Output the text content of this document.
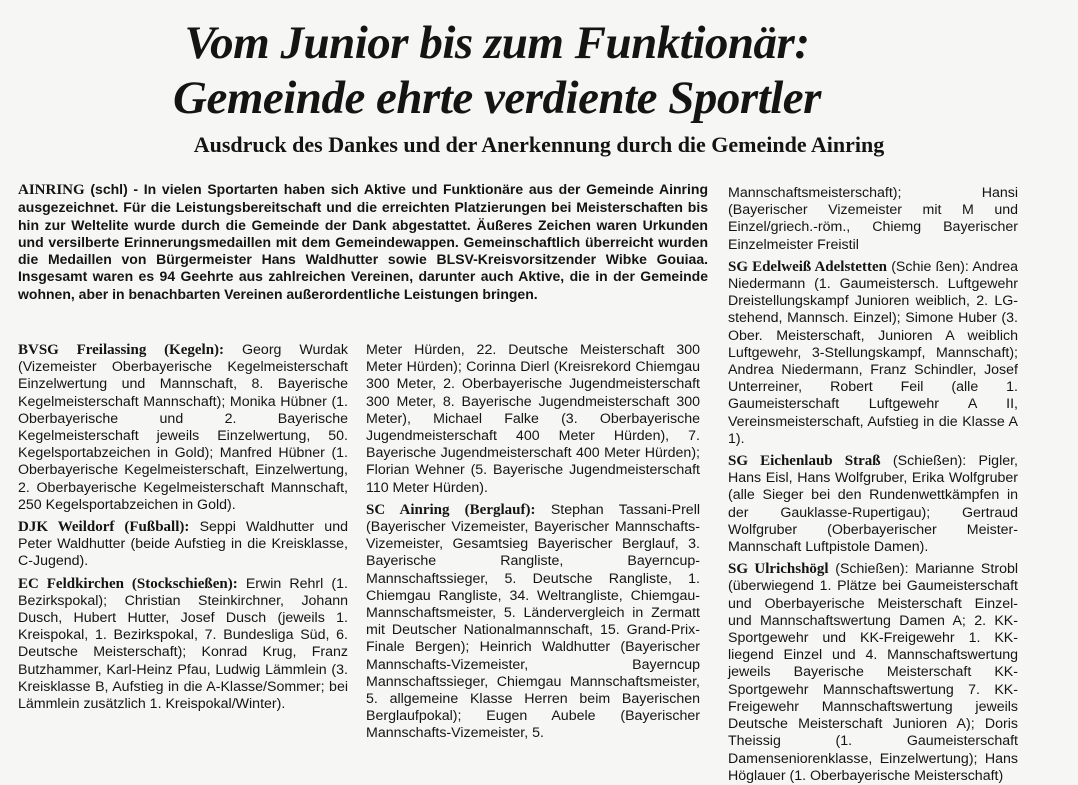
Vom Junior bis zum Funktionär:
Gemeinde ehrte verdiente Sportler
Ausdruck des Dankes und der Anerkennung durch die Gemeinde Ainring
AINRING (schl) - In vielen Sportarten haben sich Aktive und Funktionäre aus der Gemeinde Ainring ausgezeichnet. Für die Leistungsbereitschaft und die erreichten Platzierungen bei Meisterschaften bis hin zur Weltelite wurde durch die Gemeinde der Dank abgestattet. Äußeres Zeichen waren Urkunden und versilberte Erinnerungsmedaillen mit dem Gemeindewappen. Gemeinschaftlich überreicht wurden die Medaillen von Bürgermeister Hans Waldhutter sowie BLSV-Kreisvorsitzender Wibke Gouiaa. Insgesamt waren es 94 Geehrte aus zahlreichen Vereinen, darunter auch Aktive, die in der Gemeinde wohnen, aber in benachbarten Vereinen außerordentliche Leistungen bringen.

BVSG Freilassing (Kegeln): Georg Wurdak (Vizemeister Oberbayerische Kegelmeisterschaft Einzelwertung und Mannschaft, 8. Bayerische Kegelmeisterschaft Mannschaft); Monika Hübner (1. Oberbayerische und 2. Bayerische Kegelmeisterschaft jeweils Einzelwertung, 50. Kegelsportabzeichen in Gold); Manfred Hübner (1. Oberbayerische Kegelmeisterschaft, Einzelwertung, 2. Oberbayerische Kegelmeisterschaft Mannschaft, 250 Kegelsportabzeichen in Gold).

DJK Weildorf (Fußball): Seppi Waldhutter und Peter Waldhutter (beide Aufstieg in die Kreisklasse, C-Jugend).

EC Feldkirchen (Stockschießen): Erwin Rehrl (1. Bezirkspokal); Christian Steinkirchner, Johann Dusch, Hubert Hutter, Josef Dusch (jeweils 1. Kreispokal, 1. Bezirkspokal, 7. Bundesliga Süd, 6. Deutsche Meisterschaft); Konrad Krug, Franz Butzhammer, Karl-Heinz Pfau, Ludwig Lämmlein (3. Kreisklasse B, Aufstieg in die A-Klasse/Sommer; bei Lämmlein zusätzlich 1. Kreispokal/Winter).

Meter Hürden, 22. Deutsche Meisterschaft 300 Meter Hürden); Corinna Dierl (Kreisrekord Chiemgau 300 Meter, 2. Oberbayerische Jugendmeisterschaft 300 Meter, 8. Bayerische Jugendmeisterschaft 300 Meter), Michael Falke (3. Oberbayerische Jugendmeisterschaft 400 Meter Hürden), 7. Bayerische Jugendmeisterschaft 400 Meter Hürden); Florian Wehner (5. Bayerische Jugendmeisterschaft 110 Meter Hürden).

SC Ainring (Berglauf): Stephan Tassani-Prell (Bayerischer Vizemeister, Bayerischer Mannschafts-Vizemeister, Gesamtsieg Bayerischer Berglauf, 3. Bayerische Rangliste, Bayerncup-Mannschaftssieger, 5. Deutsche Rangliste, 1. Chiemgau Rangliste, 34. Weltrangliste, Chiemgau-Mannschaftsmeister, 5. Ländervergleich in Zermatt mit Deutscher Nationalmannschaft, 15. Grand-Prix-Finale Bergen); Heinrich Waldhutter (Bayerischer Mannschafts-Vizemeister, Bayerncup Mannschaftssieger, Chiemgau Mannschaftsmeister, 5. allgemeine Klasse Herren beim Bayerischen Berglaufpokal); Eugen Aubele (Bayerischer Mannschafts-Vizemeister, 5.

Mannschaftsmeisterschaft); Hansi (Bayerischer Vizemeister mit M und Einzel/griech.-röm., Chiemg Bayerischer Einzelmeister Freistil

SG Edelweiß Adelstetten (Schie ßen): Andrea Niedermann (1. Gaumeistersch. Luftgewehr Dreistellungskampf Junioren weiblich, 2. LG-stehend, Mannsch. Einzel); Simone Huber (3. Ober. Meisterschaft, Junioren A weiblich Luftgewehr, 3-Stellungskampf, Mannschaft); Andrea Niedermann, Franz Schindler, Josef Unterreiner, Robert Feil (alle 1. Gaumeisterschaft Luftgewehr A II, Vereinsmeisterschaft, Aufstieg in die Klasse A 1).

SG Eichenlaub Straß (Schießen): Pigler, Hans Eisl, Hans Wolfgruber, Erika Wolfgruber (alle Sieger bei den Rundenwettkämpfen in der Gauklasse-Rupertigau); Gertraud Wolfgruber (Oberbayerischer Meister-Mannschaft Luftpistole Damen).

SG Ulrichshögl (Schießen): Marianne Strobl (überwiegend 1. Plätze bei Gaumeisterschaft und Oberbayerische Meisterschaft Einzel- und Mannschaftswertung Damen A; 2. KK-Sportgewehr und KK-Freigewehr 1. KK-liegend Einzel und 4. Mannschaftswertung jeweils Bayerische Meisterschaft KK-Sportgewehr Mannschaftswertung 7. KK-Freigewehr Mannschaftswertung jeweils Deutsche Meisterschaft Junioren A); Doris Theissig (1. Gaumeisterschaft Damenseniorenklasse, Einzelwertung); Hans Höglauer (1. Oberbayerische Meisterschaft)
